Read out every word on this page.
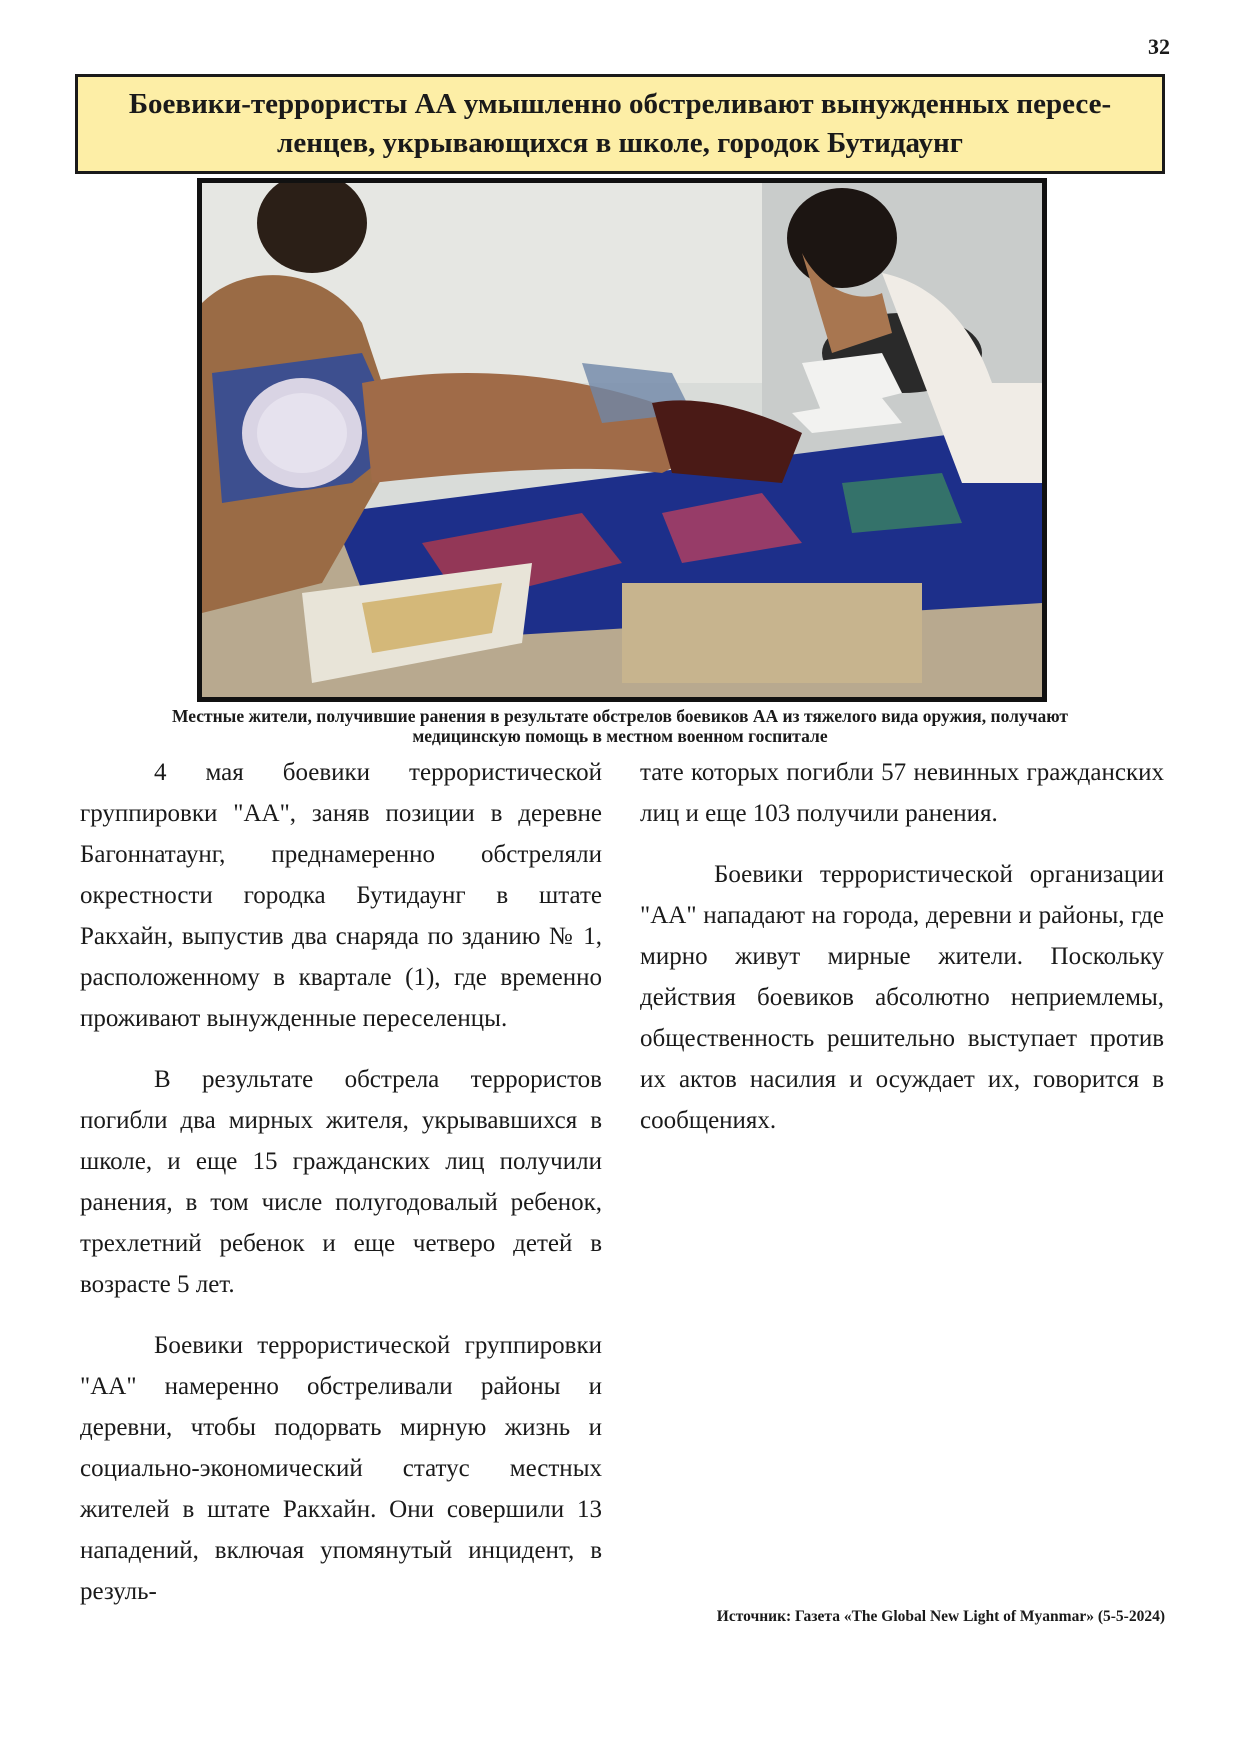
32
Боевики-террористы АА умышленно обстреливают вынужденных пересе-ленцев, укрывающихся в школе, городок Бутидаунг
Местные жители, получившие ранения в результате обстрелов боевиков АА из тяжелого вида оружия, получают медицинскую помощь в местном военном госпитале

4 мая боевики террористической группировки "АА", заняв позиции в деревне Багоннатаунг, преднамеренно обстреляли окрестности городка Бутидаунг в штате Ракхайн, выпустив два снаряда по зданию № 1, расположенному в квартале (1), где временно проживают вынужденные переселенцы.

В результате обстрела террористов погибли два мирных жителя, укрывавшихся в школе, и еще 15 гражданских лиц получили ранения, в том числе полугодовалый ребенок, трехлетний ребенок и еще четверо детей в возрасте 5 лет.

Боевики террористической группировки "АА" намеренно обстреливали районы и деревни, чтобы подорвать мирную жизнь и социально-экономический статус местных жителей в штате Ракхайн. Они совершили 13 нападений, включая упомянутый инцидент, в резуль-

тате которых погибли 57 невинных гражданских лиц и еще 103 получили ранения.

Боевики террористической организации "АА" нападают на города, деревни и районы, где мирно живут мирные жители. Поскольку действия боевиков абсолютно неприемлемы, общественность решительно выступает против их актов насилия и осуждает их, говорится в сообщениях.

Источник: Газета «The Global New Light of Myanmar» (5-5-2024)
